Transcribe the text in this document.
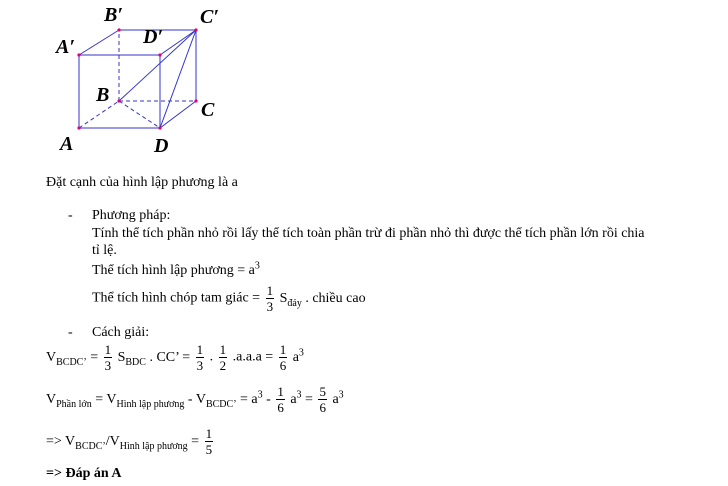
B′	C′
A′	D′
B
C
A	D
Đặt cạnh của hình lập phương là a
- Phương pháp:
Tính thể tích phần nhỏ rồi lấy thể tích toàn phần trừ đi phần nhỏ thì được thể tích phần lớn rồi chia
tỉ lệ.
Thể tích hình lập phương = $a^3$
Thể tích hình chóp tam giác = $\frac{1}{3} S_{đáy}$ . chiều cao
- Cách giải:
$V_{BCDC’} = \frac{1}{3} S_{BDC}$ . CC’ = $\frac{1}{3}$ . $\frac{1}{2} .a.a.a = \frac{1}{6} a^3$
$V_{Phần lớn} = V_{Hình lập phương} - V_{BCDC’} = a^3 - \frac{1}{6} a^3 = \frac{5}{6} a^3$
=> $V_{BCDC’}/V_{Hình lập phương} = \frac{1}{5}$
=> Đáp án A
